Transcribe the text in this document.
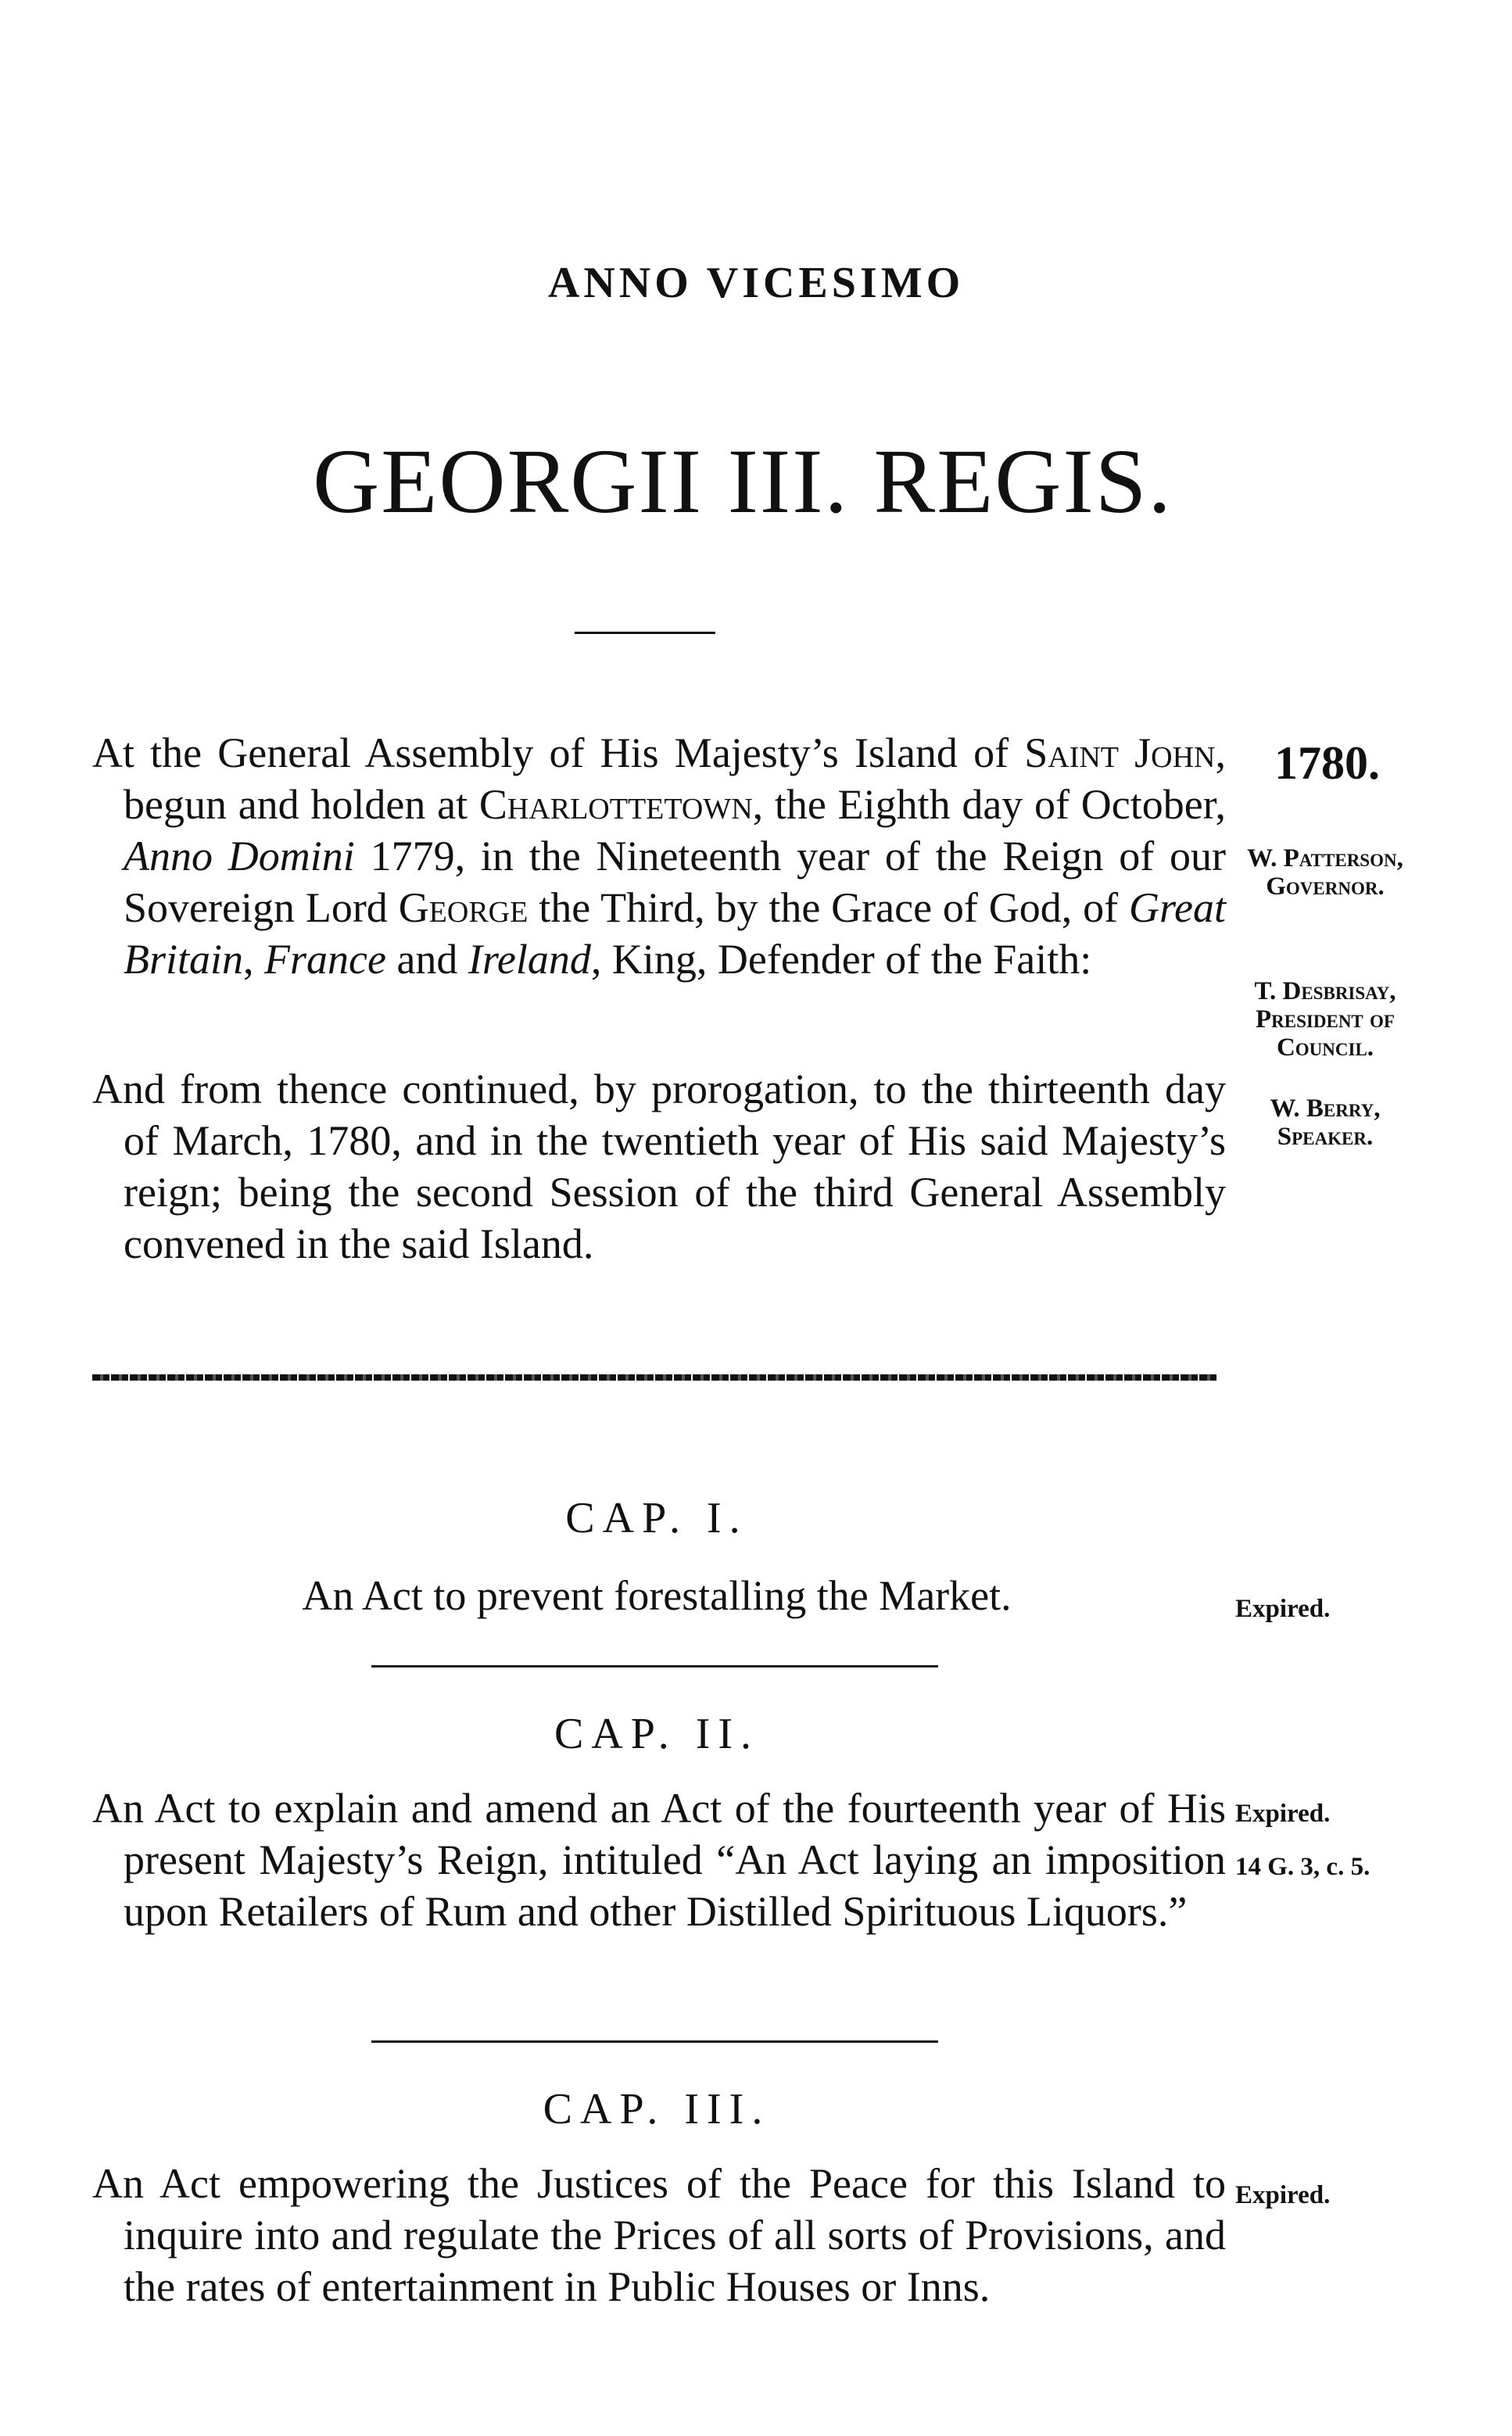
ANNO VICESIMO
GEORGII III. REGIS.
At the General Assembly of His Majesty’s Island of Saint John, begun and holden at Charlottetown, the Eighth day of October, Anno Domini 1779, in the Nineteenth year of the Reign of our Sovereign Lord George the Third, by the Grace of God, of Great Britain, France and Ireland, King, Defender of the Faith:
And from thence continued, by prorogation, to the thirteenth day of March, 1780, and in the twentieth year of His said Majesty’s reign; being the second Session of the third General Assembly convened in the said Island.
1780.
W. Patterson,
Governor.
T. Desbrisay,
President of
Council.
W. Berry,
Speaker.
CAP. I.
An Act to prevent forestalling the Market.	Expired.
CAP. II.
An Act to explain and amend an Act of the fourteenth year of His present Majesty’s Reign, intituled “An Act laying an imposition upon Retailers of Rum and other Distilled Spirituous Liquors.”
Expired.
14 G. 3, c. 5.
CAP. III.
An Act empowering the Justices of the Peace for this Island to inquire into and regulate the Prices of all sorts of Provisions, and the rates of entertainment in Public Houses or Inns.
Expired.
